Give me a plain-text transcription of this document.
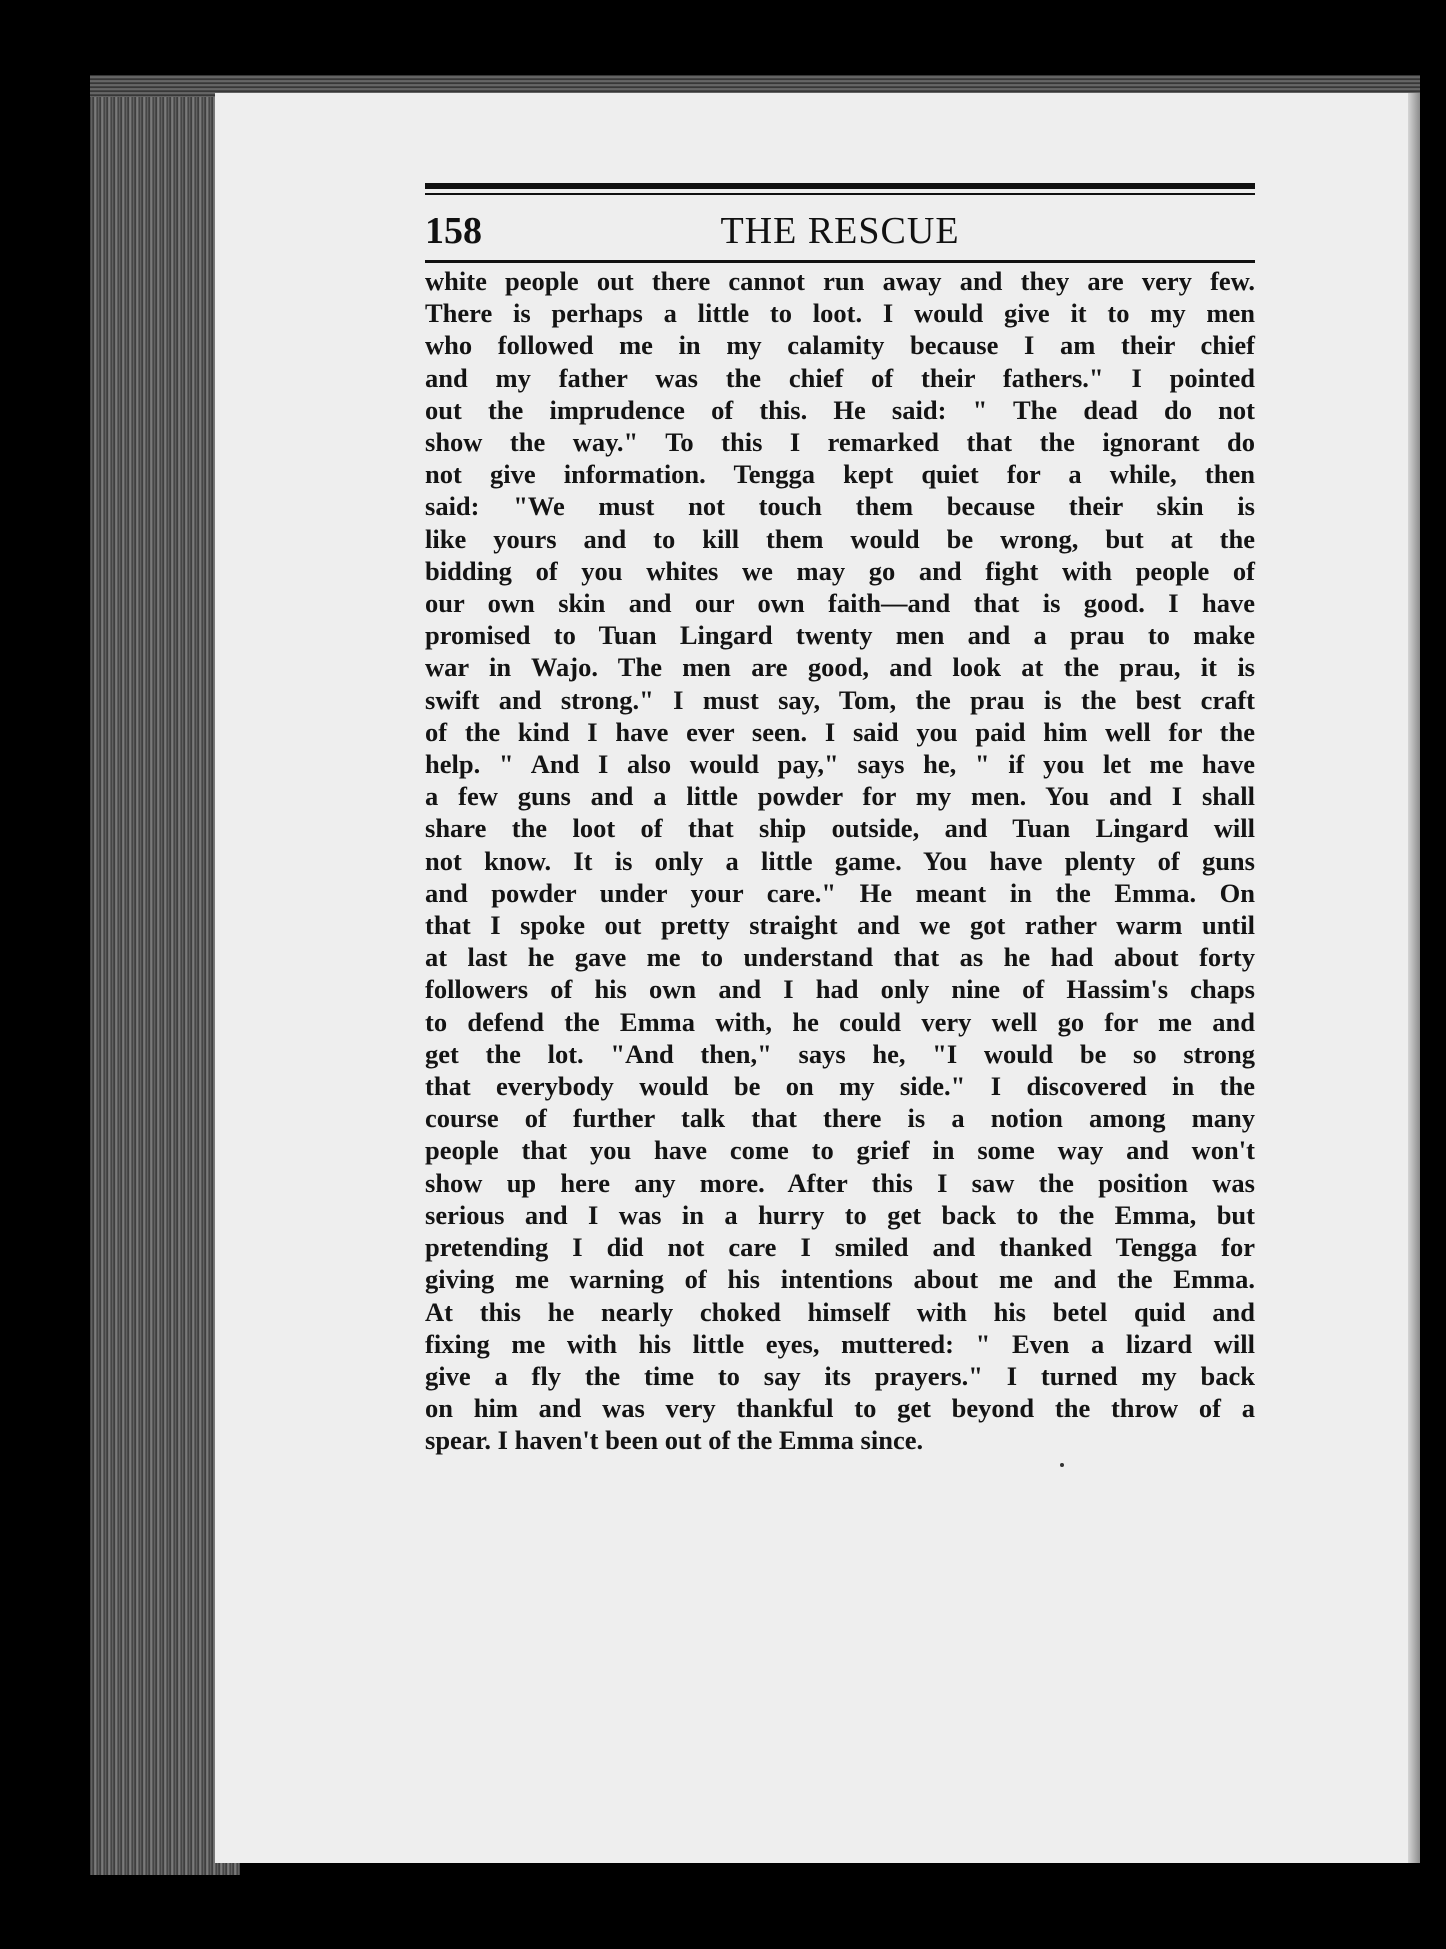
158	THE RESCUE
white people out there cannot run away and they are very few.
There is perhaps a little to loot. I would give it to my men
who followed me in my calamity because I am their chief
and my father was the chief of their fathers." I pointed
out the imprudence of this. He said: " The dead do not
show the way." To this I remarked that the ignorant do
not give information. Tengga kept quiet for a while, then
said: "We must not touch them because their skin is
like yours and to kill them would be wrong, but at the
bidding of you whites we may go and fight with people of
our own skin and our own faith—and that is good. I have
promised to Tuan Lingard twenty men and a prau to make
war in Wajo. The men are good, and look at the prau, it is
swift and strong." I must say, Tom, the prau is the best craft
of the kind I have ever seen. I said you paid him well for the
help. " And I also would pay," says he, " if you let me have
a few guns and a little powder for my men. You and I shall
share the loot of that ship outside, and Tuan Lingard will
not know. It is only a little game. You have plenty of guns
and powder under your care." He meant in the Emma. On
that I spoke out pretty straight and we got rather warm until
at last he gave me to understand that as he had about forty
followers of his own and I had only nine of Hassim's chaps
to defend the Emma with, he could very well go for me and
get the lot. "And then," says he, "I would be so strong
that everybody would be on my side." I discovered in the
course of further talk that there is a notion among many
people that you have come to grief in some way and won't
show up here any more. After this I saw the position was
serious and I was in a hurry to get back to the Emma, but
pretending I did not care I smiled and thanked Tengga for
giving me warning of his intentions about me and the Emma.
At this he nearly choked himself with his betel quid and
fixing me with his little eyes, muttered: " Even a lizard will
give a fly the time to say its prayers." I turned my back
on him and was very thankful to get beyond the throw of a
spear. I haven't been out of the Emma since.
